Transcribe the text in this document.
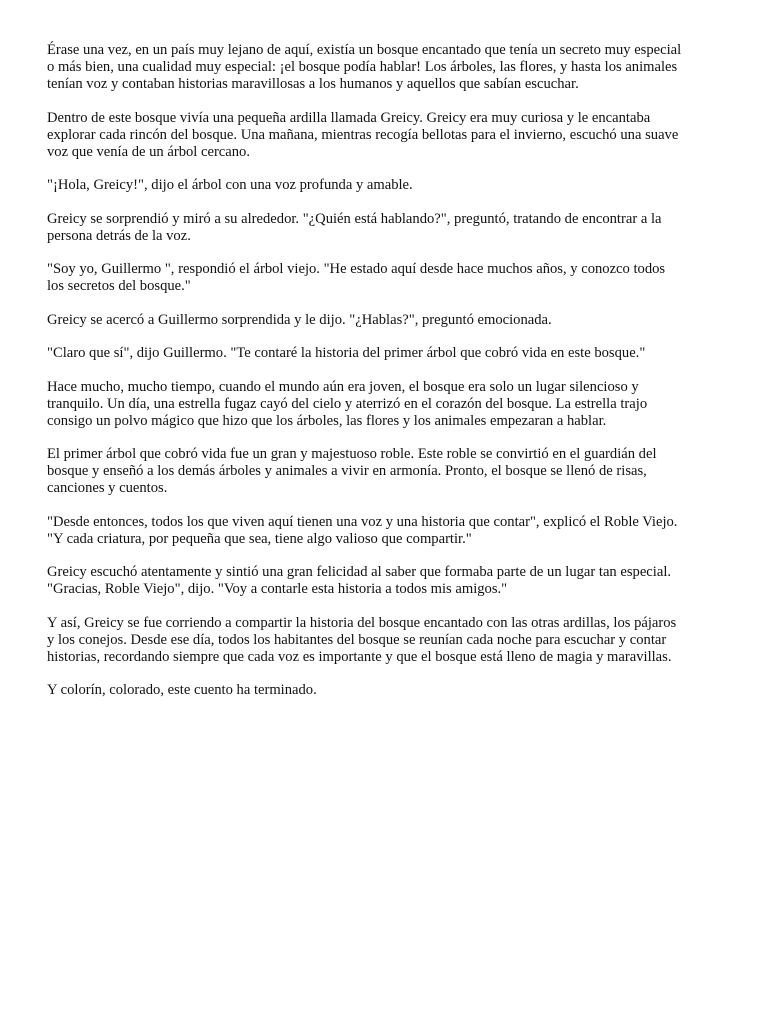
Érase una vez, en un país muy lejano de aquí, existía un bosque encantado que tenía un secreto muy especial
o más bien, una cualidad muy especial: ¡el bosque podía hablar! Los árboles, las flores, y hasta los animales
tenían voz y contaban historias maravillosas a los humanos y aquellos que sabían escuchar.

Dentro de este bosque vivía una pequeña ardilla llamada Greicy. Greicy era muy curiosa y le encantaba
explorar cada rincón del bosque. Una mañana, mientras recogía bellotas para el invierno, escuchó una suave
voz que venía de un árbol cercano.

"¡Hola, Greicy!", dijo el árbol con una voz profunda y amable.

Greicy se sorprendió y miró a su alrededor. "¿Quién está hablando?", preguntó, tratando de encontrar a la
persona detrás de la voz.

"Soy yo, Guillermo ", respondió el árbol viejo. "He estado aquí desde hace muchos años, y conozco todos
los secretos del bosque."

Greicy se acercó a Guillermo sorprendida y le dijo. "¿Hablas?", preguntó emocionada.

"Claro que sí", dijo Guillermo. "Te contaré la historia del primer árbol que cobró vida en este bosque."

Hace mucho, mucho tiempo, cuando el mundo aún era joven, el bosque era solo un lugar silencioso y
tranquilo. Un día, una estrella fugaz cayó del cielo y aterrizó en el corazón del bosque. La estrella trajo
consigo un polvo mágico que hizo que los árboles, las flores y los animales empezaran a hablar.

El primer árbol que cobró vida fue un gran y majestuoso roble. Este roble se convirtió en el guardián del
bosque y enseñó a los demás árboles y animales a vivir en armonía. Pronto, el bosque se llenó de risas,
canciones y cuentos.

"Desde entonces, todos los que viven aquí tienen una voz y una historia que contar", explicó el Roble Viejo.
"Y cada criatura, por pequeña que sea, tiene algo valioso que compartir."

Greicy escuchó atentamente y sintió una gran felicidad al saber que formaba parte de un lugar tan especial.
"Gracias, Roble Viejo", dijo. "Voy a contarle esta historia a todos mis amigos."

Y así, Greicy se fue corriendo a compartir la historia del bosque encantado con las otras ardillas, los pájaros
y los conejos. Desde ese día, todos los habitantes del bosque se reunían cada noche para escuchar y contar
historias, recordando siempre que cada voz es importante y que el bosque está lleno de magia y maravillas.

Y colorín, colorado, este cuento ha terminado.
